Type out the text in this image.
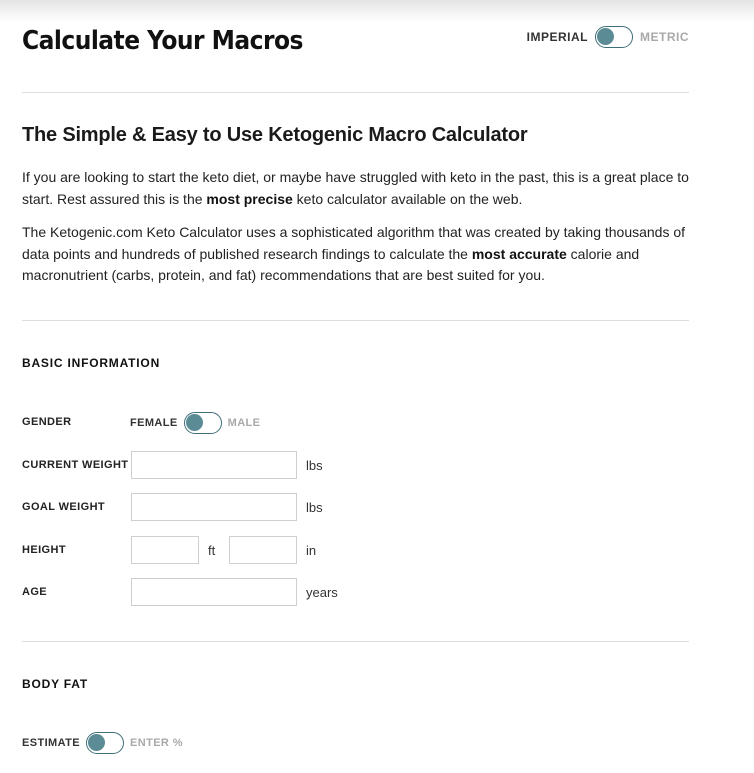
Calculate Your Macros	IMPERIAL	METRIC
The Simple & Easy to Use Ketogenic Macro Calculator

If you are looking to start the keto diet, or maybe have struggled with keto in the past, this is a great place to start. Rest assured this is the most precise keto calculator available on the web.

The Ketogenic.com Keto Calculator uses a sophisticated algorithm that was created by taking thousands of data points and hundreds of published research findings to calculate the most accurate calorie and macronutrient (carbs, protein, and fat) recommendations that are best suited for you.

BASIC INFORMATION
GENDER	FEMALE	MALE
CURRENT WEIGHT	lbs
GOAL WEIGHT	lbs
HEIGHT	ft	in
AGE	years
BODY FAT
ESTIMATE	ENTER %
